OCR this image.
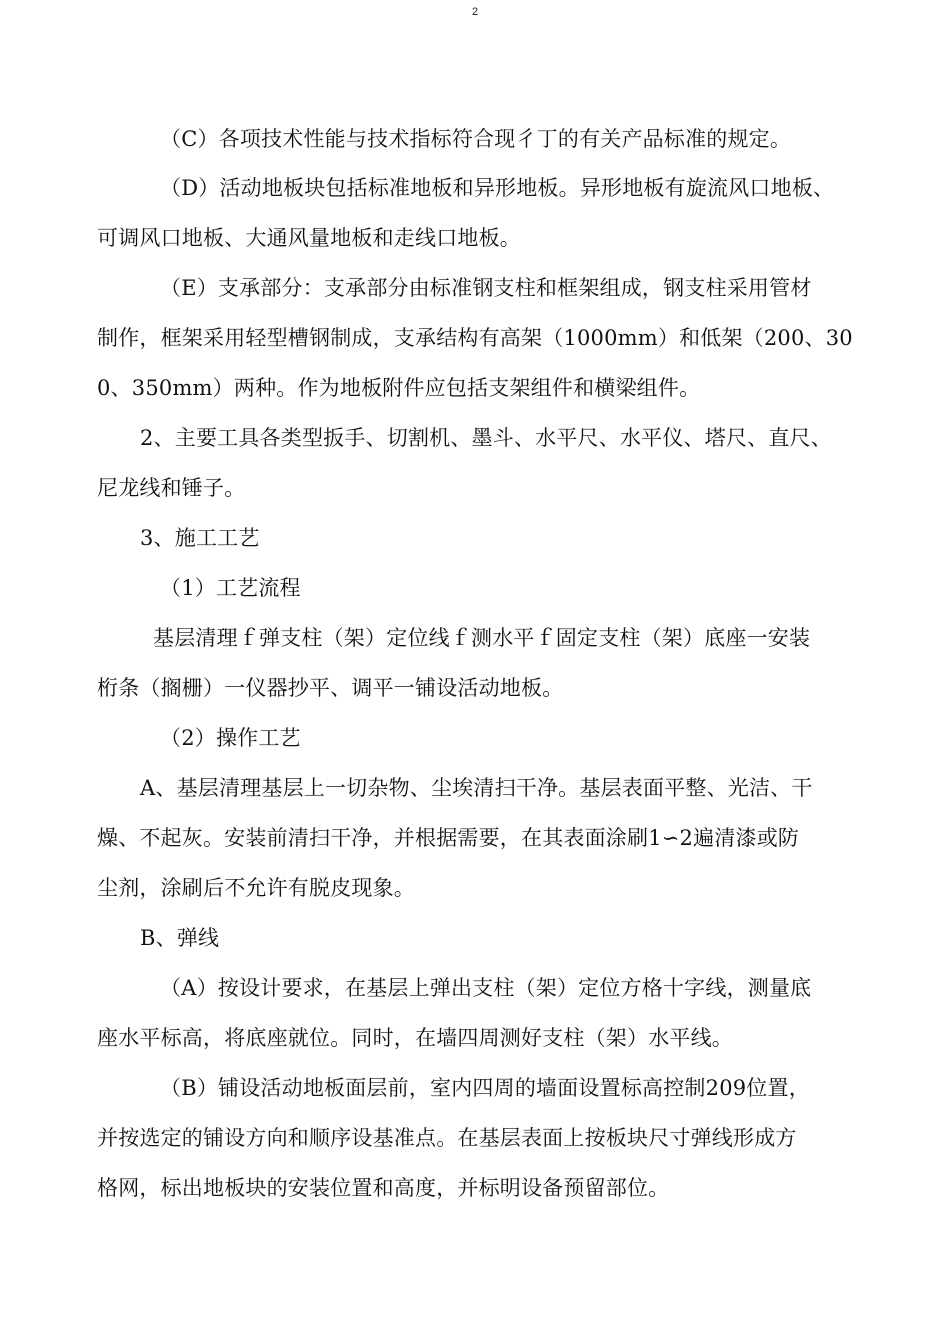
2
（C）各项技术性能与技术指标符合现彳丁的有关产品标准的规定。
（D）活动地板块包括标准地板和异形地板。异形地板有旋流风口地板、
可调风口地板、大通风量地板和走线口地板。
（E）支承部分：支承部分由标准钢支柱和框架组成，钢支柱采用管材
制作，框架采用轻型槽钢制成，支承结构有高架（1000mm）和低架（200、30
0、350mm）两种。作为地板附件应包括支架组件和横梁组件。
2、主要工具各类型扳手、切割机、墨斗、水平尺、水平仪、塔尺、直尺、
尼龙线和锤子。
3、施工工艺
（1）工艺流程
基层清理ｆ弹支柱（架）定位线ｆ测水平ｆ固定支柱（架）底座一安装
桁条（搁栅）一仪器抄平、调平一铺设活动地板。
（2）操作工艺
A、基层清理基层上一切杂物、尘埃清扫干净。基层表面平整、光洁、干
燥、不起灰。安装前清扫干净，并根据需要，在其表面涂刷1∽2遍清漆或防
尘剂，涂刷后不允许有脱皮现象。
B、弹线
（A）按设计要求，在基层上弹出支柱（架）定位方格十字线，测量底
座水平标高，将底座就位。同时，在墙四周测好支柱（架）水平线。
（B）铺设活动地板面层前，室内四周的墙面设置标高控制209位置，
并按选定的铺设方向和顺序设基准点。在基层表面上按板块尺寸弹线形成方
格网，标出地板块的安装位置和高度，并标明设备预留部位。
